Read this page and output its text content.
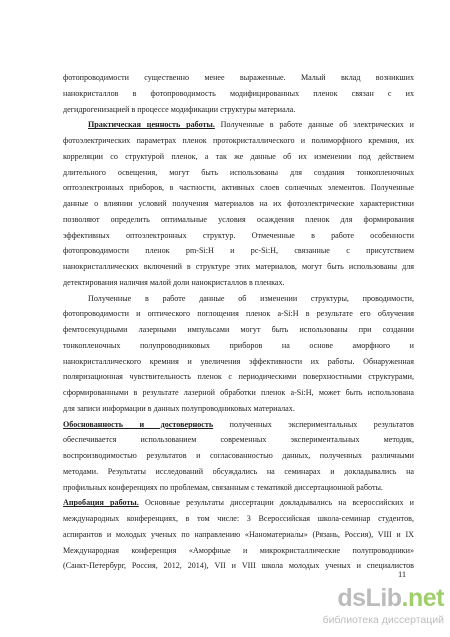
фотопроводимости существенно менее выраженные. Малый вклад возникших
нанокристаллов в фотопроводимость модифицированных пленок связан с их

дегидрогенизацией в процессе модификации структуры материала.

Практическая ценность работы. Полученные в работе данные об электрических и
фотоэлектрических параметрах пленок протокристаллического и полиморфного кремния, их
корреляции со структурой пленок, а так же данные об их изменении под действием
длительного освещения, могут быть использованы для создания тонкопленочных
оптоэлектронных приборов, в частности, активных слоев солнечных элементов. Полученные
данные о влиянии условий получения материалов на их фотоэлектрические характеристики
позволяют определить оптимальные условия осаждения пленок для формирования
эффективных оптоэлектронных структур. Отмеченные в работе особенности
фотопроводимости пленок pm-Si:H и pc-Si:H, связанные с присутствием
нанокристаллических включений в структуре этих материалов, могут быть использованы для

детектирования наличия малой доли нанокристаллов в пленках.

Полученные в работе данные об изменении структуры, проводимости,
фотопроводимости и оптического поглощения пленок a-Si:H в результате его облучения
фемтосекундными лазерными импульсами могут быть использованы при создании
тонкопленочных полупроводниковых приборов на основе аморфного и
нанокристаллического кремния и увеличения эффективности их работы. Обнаруженная
поляризационная чувствительность пленок с периодическими поверхностными структурами,
сформированными в результате лазерной обработки пленок a-Si:H, может быть использована

для записи информации в данных полупроводниковых материалах.

Обоснованность и достоверность полученных экспериментальных результатов
обеспечивается использованием современных экспериментальных методик,
воспроизводимостью результатов и согласованностью данных, полученных различными
методами. Результаты исследований обсуждались на семинарах и докладывались на

профильных конференциях по проблемам, связанным с тематикой диссертационной работы.

Апробация работы. Основные результаты диссертации докладывались на всероссийских и
международных конференциях, в том числе: 3 Всероссийская школа-семинар студентов,
аспирантов и молодых ученых по направлению «Наноматериалы» (Рязань, Россия), VIII и IX
Международная конференция «Аморфные и микрокристаллические полупроводники»
(Санкт-Петербург, Россия, 2012, 2014), VII и VIII школа молодых ученых и специалистов

11
dsLib.net
библиотека диссертаций
